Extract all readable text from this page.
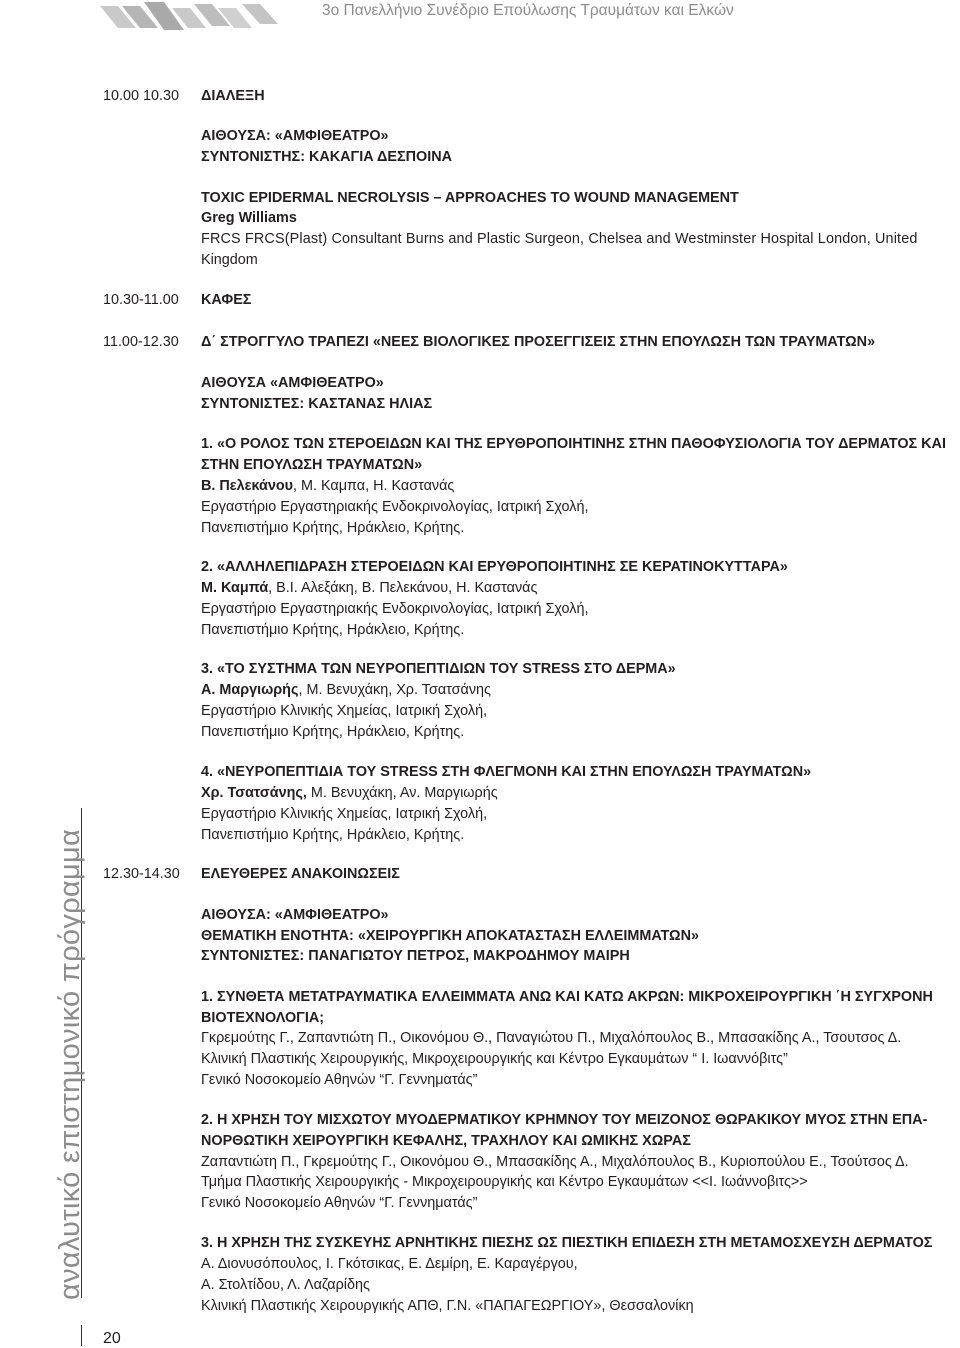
3ο Πανελλήνιο Συνέδριο Επούλωσης Τραυμάτων και Ελκών
αναλυτικό επιστημονικό πρόγραμμα
20
10.00 10.30	ΔΙΑΛΕΞΗ
ΑΙΘΟΥΣΑ: «ΑΜΦΙΘΕΑΤΡΟ»
ΣΥΝΤΟΝΙΣΤΗΣ: ΚΑΚΑΓΙΑ ΔΕΣΠΟΙΝΑ
TOXIC EPIDERMAL NECROLYSIS – APPROACHES TO WOUND MANAGEMENT
Greg Williams
FRCS FRCS(Plast) Consultant Burns and Plastic Surgeon, Chelsea and Westminster Hospital London, United
Kingdom
10.30-11.00	ΚΑΦΕΣ
11.00-12.30	Δ΄ ΣΤΡΟΓΓΥΛΟ ΤΡΑΠΕΖΙ «ΝΕΕΣ ΒΙΟΛΟΓΙΚΕΣ ΠΡΟΣΕΓΓΙΣΕΙΣ ΣΤΗΝ ΕΠΟΥΛΩΣΗ ΤΩΝ ΤΡΑΥΜΑΤΩΝ»
ΑΙΘΟΥΣΑ «ΑΜΦΙΘΕΑΤΡΟ»
ΣΥΝΤΟΝΙΣΤΕΣ: ΚΑΣΤΑΝΑΣ ΗΛΙΑΣ
1. «Ο ΡΟΛΟΣ ΤΩΝ ΣΤΕΡΟΕΙΔΩΝ ΚΑΙ ΤΗΣ ΕΡΥΘΡΟΠΟΙΗΤΙΝΗΣ ΣΤΗΝ ΠΑΘΟΦΥΣΙΟΛΟΓΙΑ ΤΟΥ ΔΕΡΜΑΤΟΣ ΚΑΙ
ΣΤΗΝ ΕΠΟΥΛΩΣΗ ΤΡΑΥΜΑΤΩΝ»
Β. Πελεκάνου, Μ. Καμπα, Η. Καστανάς
Εργαστήριο Εργαστηριακής Ενδοκρινολογίας, Ιατρική Σχολή,
Πανεπιστήμιο Κρήτης, Ηράκλειο, Κρήτης.
2. «ΑΛΛΗΛΕΠΙΔΡΑΣΗ ΣΤΕΡΟΕΙΔΩΝ ΚΑΙ ΕΡΥΘΡΟΠΟΙΗΤΙΝΗΣ ΣΕ ΚΕΡΑΤΙΝΟΚΥΤΤΑΡΑ»
Μ. Καμπά, Β.Ι. Αλεξάκη, Β. Πελεκάνου, Η. Καστανάς
Εργαστήριο Εργαστηριακής Ενδοκρινολογίας, Ιατρική Σχολή,
Πανεπιστήμιο Κρήτης, Ηράκλειο, Κρήτης.
3. «ΤΟ ΣΥΣΤΗΜΑ ΤΩΝ ΝΕΥΡΟΠΕΠΤΙΔΙΩΝ ΤΟΥ STRESS ΣΤΟ ΔΕΡΜΑ»
Α. Μαργιωρής, Μ. Βενυχάκη, Χρ. Τσατσάνης
Εργαστήριο Κλινικής Χημείας, Ιατρική Σχολή,
Πανεπιστήμιο Κρήτης, Ηράκλειο, Κρήτης.
4. «ΝΕΥΡΟΠΕΠΤΙΔΙΑ ΤΟΥ STRESS ΣΤΗ ΦΛΕΓΜΟΝΗ ΚΑΙ ΣΤΗΝ ΕΠΟΥΛΩΣΗ ΤΡΑΥΜΑΤΩΝ»
Χρ. Τσατσάνης, Μ. Βενυχάκη, Αν. Μαργιωρής
Εργαστήριο Κλινικής Χημείας, Ιατρική Σχολή,
Πανεπιστήμιο Κρήτης, Ηράκλειο, Κρήτης.
12.30-14.30	ΕΛΕΥΘΕΡΕΣ ΑΝΑΚΟΙΝΩΣΕΙΣ
ΑΙΘΟΥΣΑ: «ΑΜΦΙΘΕΑΤΡΟ»
ΘΕΜΑΤΙΚΗ ΕΝΟΤΗΤΑ: «ΧΕΙΡΟΥΡΓΙΚΗ ΑΠΟΚΑΤΑΣΤΑΣΗ ΕΛΛΕΙΜΜΑΤΩΝ»
ΣΥΝΤΟΝΙΣΤΕΣ: ΠΑΝΑΓΙΩΤΟΥ ΠΕΤΡΟΣ, ΜΑΚΡΟΔΗΜΟΥ ΜΑΙΡΗ
1. ΣΥΝΘΕΤΑ ΜΕΤΑΤΡΑΥΜΑΤΙΚΑ ΕΛΛΕΙΜΜΑΤΑ ΑΝΩ ΚΑΙ ΚΑΤΩ ΑΚΡΩΝ: ΜΙΚΡΟΧΕΙΡΟΥΡΓΙΚΗ ΄Η ΣΥΓΧΡΟΝΗ
ΒΙΟΤΕΧΝΟΛΟΓΙΑ;
Γκρεμούτης Γ., Ζαπαντιώτη Π., Οικονόμου Θ., Παναγιώτου Π., Μιχαλόπουλος Β., Μπασακίδης Α., Τσουτσος Δ.
Κλινική Πλαστικής Χειρουργικής, Μικροχειρουργικής και Κέντρο Εγκαυμάτων “ Ι. Ιωαννόβιτς”
Γενικό Νοσοκομείο Αθηνών “Γ. Γεννηματάς”
2. Η ΧΡΗΣΗ ΤΟΥ ΜΙΣΧΩΤΟΥ ΜΥΟΔΕΡΜΑΤΙΚΟΥ ΚΡΗΜΝΟΥ ΤΟΥ ΜΕΙΖΟΝΟΣ ΘΩΡΑΚΙΚΟΥ ΜΥΟΣ ΣΤΗΝ ΕΠΑ-
ΝΟΡΘΩΤΙΚΗ ΧΕΙΡΟΥΡΓΙΚΗ ΚΕΦΑΛΗΣ, ΤΡΑΧΗΛΟΥ ΚΑΙ ΩΜΙΚΗΣ ΧΩΡΑΣ
Ζαπαντιώτη Π., Γκρεμούτης Γ., Οικονόμου Θ., Μπασακίδης Α., Μιχαλόπουλος Β., Κυριοπούλου Ε., Τσούτσος Δ.
Τμήμα Πλαστικής Χειρουργικής - Μικροχειρουργικής και Κέντρο Εγκαυμάτων <<Ι. Ιωάννοβιτς>>
Γενικό Νοσοκομείο Αθηνών “Γ. Γεννηματάς”
3. Η ΧΡΗΣΗ ΤΗΣ ΣΥΣΚΕΥΗΣ ΑΡΝΗΤΙΚΗΣ ΠΙΕΣΗΣ ΩΣ ΠΙΕΣΤΙΚΗ ΕΠΙΔΕΣΗ ΣΤΗ ΜΕΤΑΜΟΣΧΕΥΣΗ ΔΕΡΜΑΤΟΣ
Α. Διονυσόπουλος, Ι. Γκότσικας, Ε. Δεμίρη, Ε. Καραγέργου,
Α. Στολτίδου, Λ. Λαζαρίδης
Κλινική Πλαστικής Χειρουργικής ΑΠΘ, Γ.Ν. «ΠΑΠΑΓΕΩΡΓΙΟΥ», Θεσσαλονίκη
